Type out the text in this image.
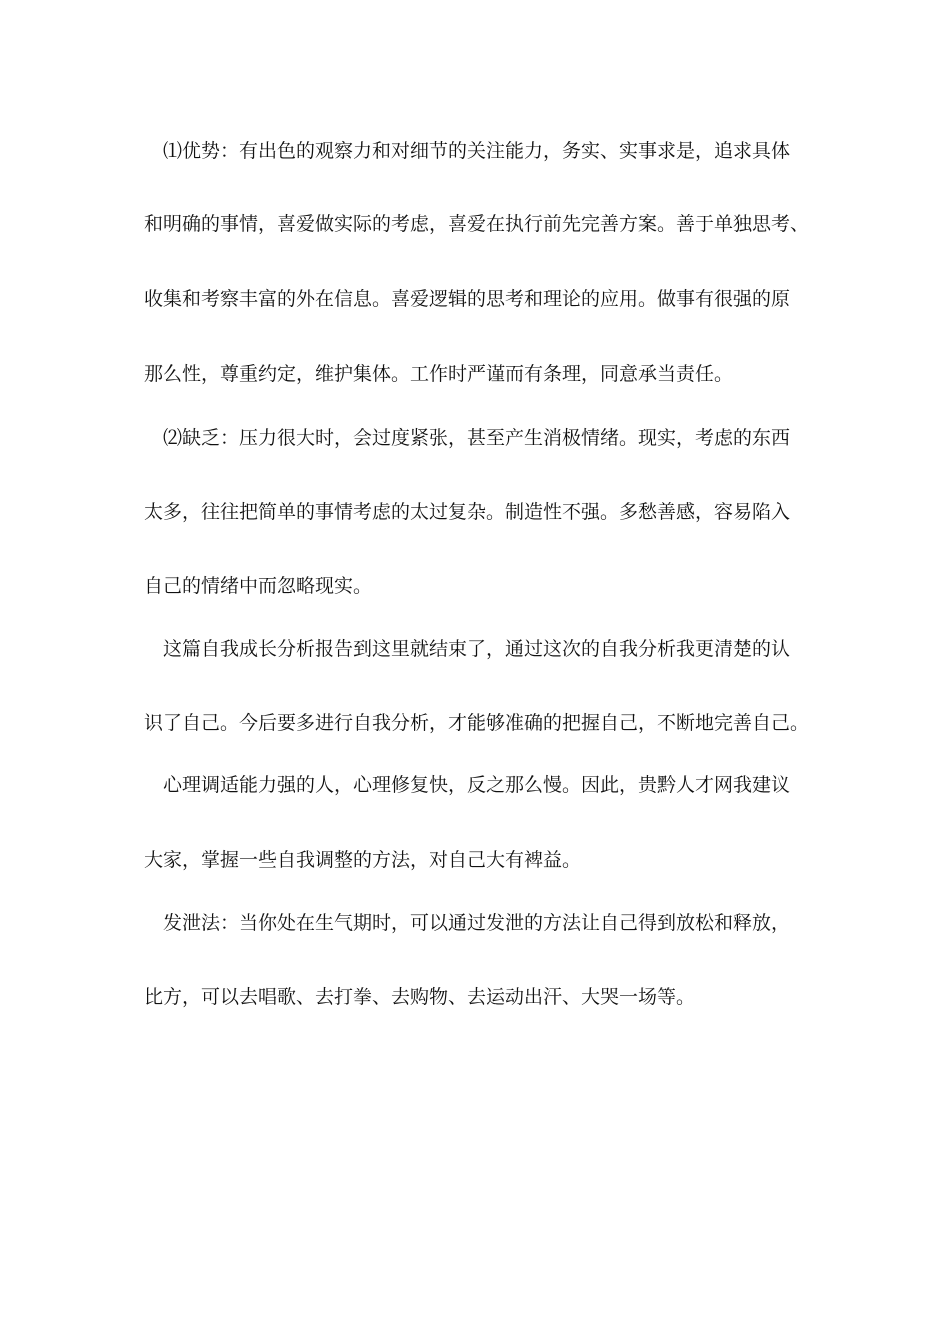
　⑴优势：有出色的观察力和对细节的关注能力，务实、实事求是，追求具体
和明确的事情，喜爱做实际的考虑，喜爱在执行前先完善方案。善于单独思考、
收集和考察丰富的外在信息。喜爱逻辑的思考和理论的应用。做事有很强的原
那么性，尊重约定，维护集体。工作时严谨而有条理，同意承当责任。
　⑵缺乏：压力很大时，会过度紧张，甚至产生消极情绪。现实，考虑的东西
太多，往往把简单的事情考虑的太过复杂。制造性不强。多愁善感，容易陷入
自己的情绪中而忽略现实。
　这篇自我成长分析报告到这里就结束了，通过这次的自我分析我更清楚的认
识了自己。今后要多进行自我分析，才能够准确的把握自己，不断地完善自己。
　心理调适能力强的人，心理修复快，反之那么慢。因此，贵黔人才网我建议
大家，掌握一些自我调整的方法，对自己大有裨益。
　发泄法：当你处在生气期时，可以通过发泄的方法让自己得到放松和释放，
比方，可以去唱歌、去打拳、去购物、去运动出汗、大哭一场等。
